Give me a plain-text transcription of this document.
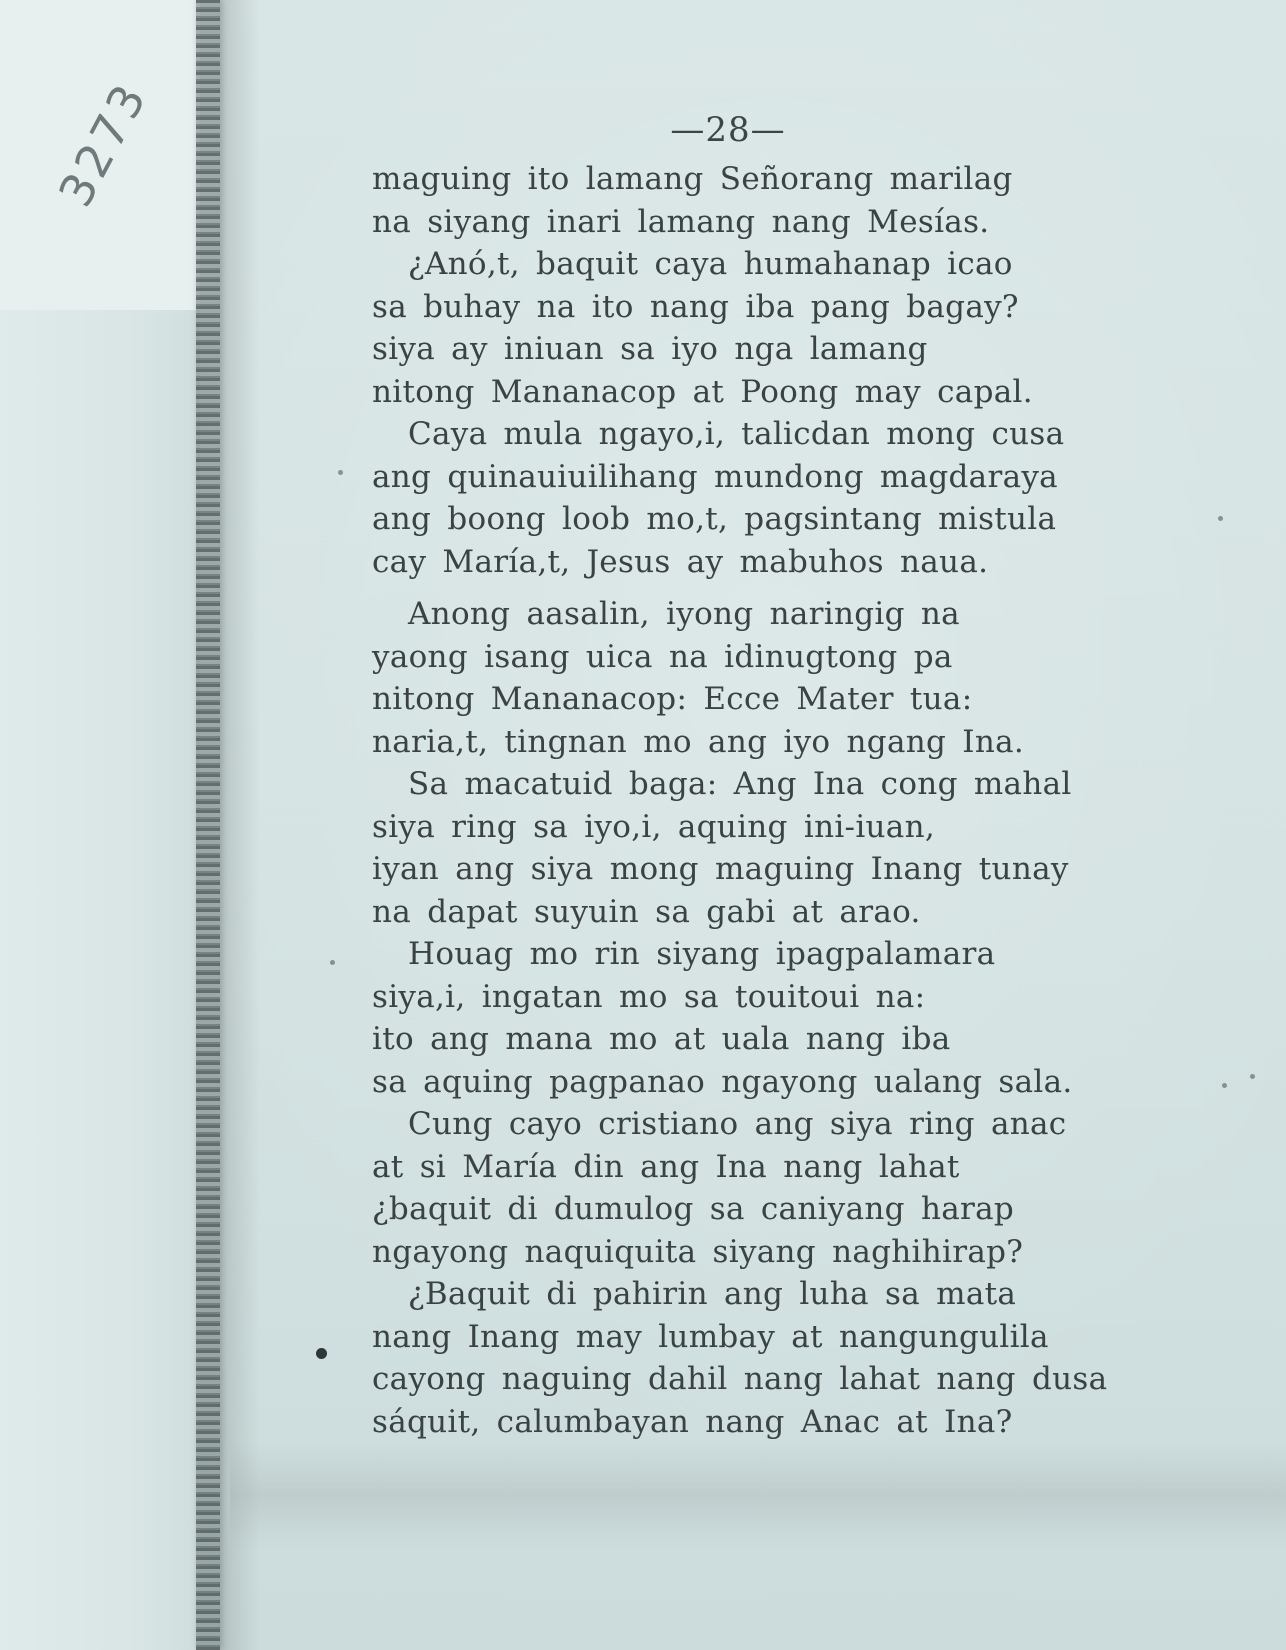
3273	—28—
maguing ito lamang Señorang marilag
na siyang inari lamang nang Mesías.
¿Anó,t, baquit caya humahanap icao
sa buhay na ito nang iba pang bagay?
siya ay iniuan sa iyo nga lamang
nitong Mananacop at Poong may capal.
Caya mula ngayo,i, talicdan mong cusa
ang quinauiuilihang mundong magdaraya
ang boong loob mo,t, pagsintang mistula
cay María,t, Jesus ay mabuhos naua.
Anong aasalin, iyong naringig na
yaong isang uica na idinugtong pa
nitong Mananacop: Ecce Mater tua:
naria,t, tingnan mo ang iyo ngang Ina.
Sa macatuid baga: Ang Ina cong mahal
siya ring sa iyo,i, aquing ini-iuan,
iyan ang siya mong maguing Inang tunay
na dapat suyuin sa gabi at arao.
Houag mo rin siyang ipagpalamara
siya,i, ingatan mo sa touitoui na:
ito ang mana mo at uala nang iba
sa aquing pagpanao ngayong ualang sala.
Cung cayo cristiano ang siya ring anac
at si María din ang Ina nang lahat
¿baquit di dumulog sa caniyang harap
ngayong naquiquita siyang naghihirap?
¿Baquit di pahirin ang luha sa mata
nang Inang may lumbay at nangungulila
cayong naguing dahil nang lahat nang dusa
sáquit, calumbayan nang Anac at Ina?
